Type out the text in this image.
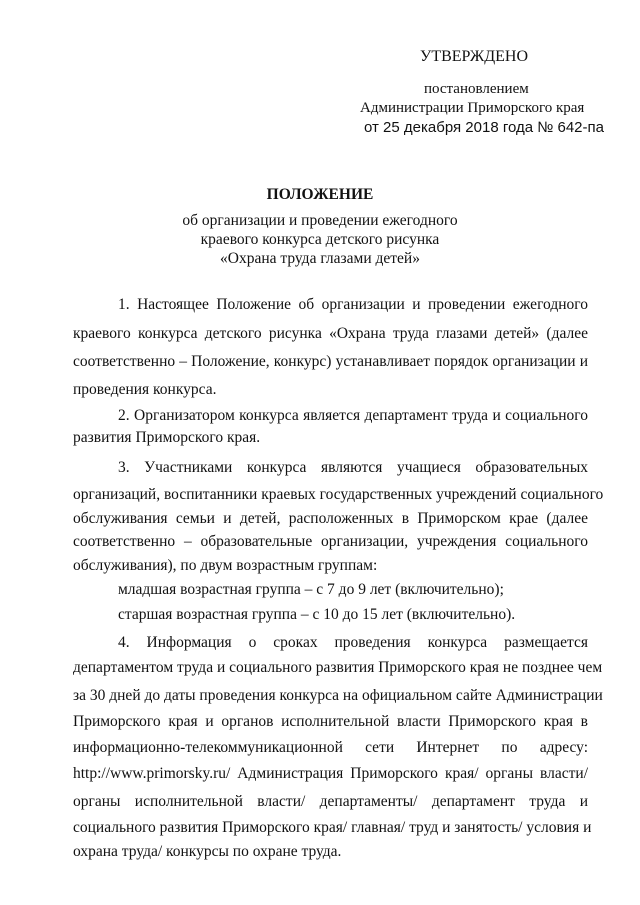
УТВЕРЖДЕНО
постановлением
Администрации Приморского края
от 25 декабря 2018 года № 642-па
ПОЛОЖЕНИЕ
об организации и проведении ежегодного
краевого конкурса детского рисунка
«Охрана труда глазами детей»
1. Настоящее Положение об организации и проведении ежегодного
краевого конкурса детского рисунка «Охрана труда глазами детей» (далее
соответственно – Положение, конкурс) устанавливает порядок организации и
проведения конкурса.
2. Организатором конкурса является департамент труда и социального
развития Приморского края.
3. Участниками конкурса являются учащиеся образовательных
организаций, воспитанники краевых государственных учреждений социального
обслуживания семьи и детей, расположенных в Приморском крае (далее
соответственно – образовательные организации, учреждения социального
обслуживания), по двум возрастным группам:
младшая возрастная группа – с 7 до 9 лет (включительно);
старшая возрастная группа – с 10 до 15 лет (включительно).
4. Информация о сроках проведения конкурса размещается
департаментом труда и социального развития Приморского края не позднее чем
за 30 дней до даты проведения конкурса на официальном сайте Администрации
Приморского края и органов исполнительной власти Приморского края в
информационно-телекоммуникационной сети Интернет по адресу:
http://www.primorsky.ru/ Администрация Приморского края/ органы власти/
органы исполнительной власти/ департаменты/ департамент труда и
социального развития Приморского края/ главная/ труд и занятость/ условия и
охрана труда/ конкурсы по охране труда.
